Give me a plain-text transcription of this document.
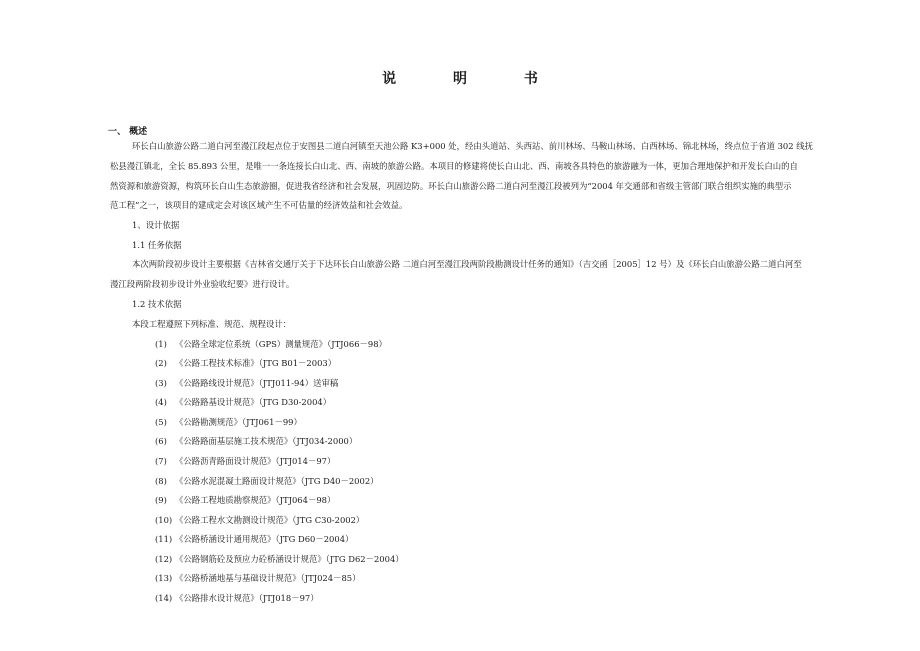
说	明	书
一、 概述
环长白山旅游公路二道白河至漫江段起点位于安图县二道白河镇至天池公路 K3+000 处，经由头道站、头西站、前川林场、马鞍山林场、白西林场、锦北林场，终点位于省道 302 线抚
松县漫江镇北，全长 85.893 公里，是唯一一条连接长白山北、西、南坡的旅游公路。本项目的修建将使长白山北、西、南坡各具特色的旅游融为一体，更加合理地保护和开发长白山的自
然资源和旅游资源，构筑环长白山生态旅游圈，促进我省经济和社会发展，巩固边防。环长白山旅游公路二道白河至漫江段被列为“2004 年交通部和省级主管部门联合组织实施的典型示
范工程”之一，该项目的建成定会对该区域产生不可估量的经济效益和社会效益。
1、设计依据
1.1 任务依据
本次两阶段初步设计主要根据《吉林省交通厅关于下达环长白山旅游公路 二道白河至漫江段两阶段勘测设计任务的通知》（吉交函［2005］12 号）及《环长白山旅游公路二道白河至
漫江段两阶段初步设计外业验收纪要》进行设计。
1.2 技术依据
本段工程遵照下列标准、规范、规程设计：
(1) 《公路全球定位系统（GPS）测量规范》（JTJ066－98）
(2) 《公路工程技术标准》（JTG B01－2003）
(3) 《公路路线设计规范》（JTJ011-94）送审稿
(4) 《公路路基设计规范》（JTG D30-2004）
(5) 《公路勘测规范》（JTJ061－99）
(6) 《公路路面基层施工技术规范》（JTJ034-2000）
(7) 《公路沥青路面设计规范》（JTJ014－97）
(8) 《公路水泥混凝土路面设计规范》（JTG D40－2002）
(9) 《公路工程地质勘察规范》（JTJ064－98）
(10) 《公路工程水文勘测设计规范》（JTG C30-2002）
(11) 《公路桥涵设计通用规范》（JTG D60－2004）
(12) 《公路钢筋砼及预应力砼桥涵设计规范》（JTG D62－2004）
(13) 《公路桥涵地基与基础设计规范》（JTJ024－85）
(14) 《公路排水设计规范》（JTJ018－97）
